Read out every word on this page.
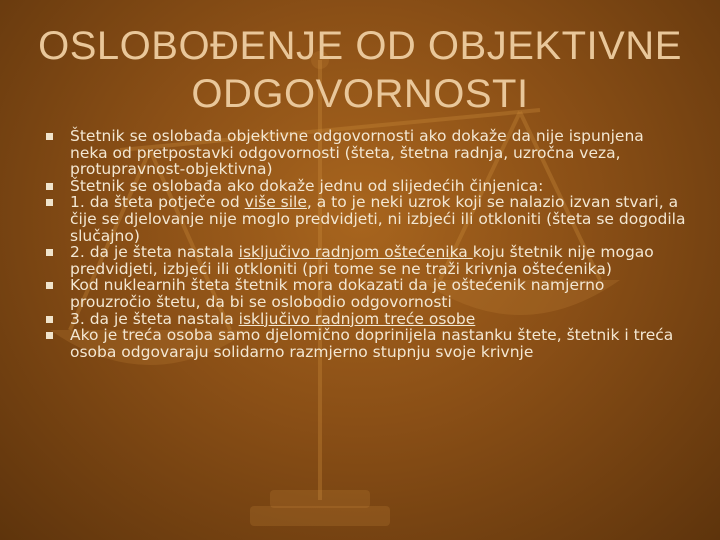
OSLOBOĐENJE OD OBJEKTIVNE
ODGOVORNOSTI
Štetnik se oslobađa objektivne odgovornosti ako dokaže da nije ispunjena neka od pretpostavki odgovornosti (šteta, štetna radnja, uzročna veza, protupravnost-objektivna)
Štetnik se oslobađa ako dokaže jednu od slijedećih činjenica:
1. da šteta potječe od više sile, a to je neki uzrok koji se nalazio izvan stvari, a čije se djelovanje nije moglo predvidjeti, ni izbjeći ili otkloniti (šteta se dogodila slučajno)
2. da je šteta nastala isključivo radnjom oštećenika koju štetnik nije mogao predvidjeti, izbjeći ili otkloniti (pri tome se ne traži krivnja oštećenika)
Kod nuklearnih šteta štetnik mora dokazati da je oštećenik namjerno prouzročio štetu, da bi se oslobodio odgovornosti
3. da je šteta nastala isključivo radnjom treće osobe
Ako je treća osoba samo djelomično doprinijela nastanku štete, štetnik i treća osoba odgovaraju solidarno razmjerno stupnju svoje krivnje
